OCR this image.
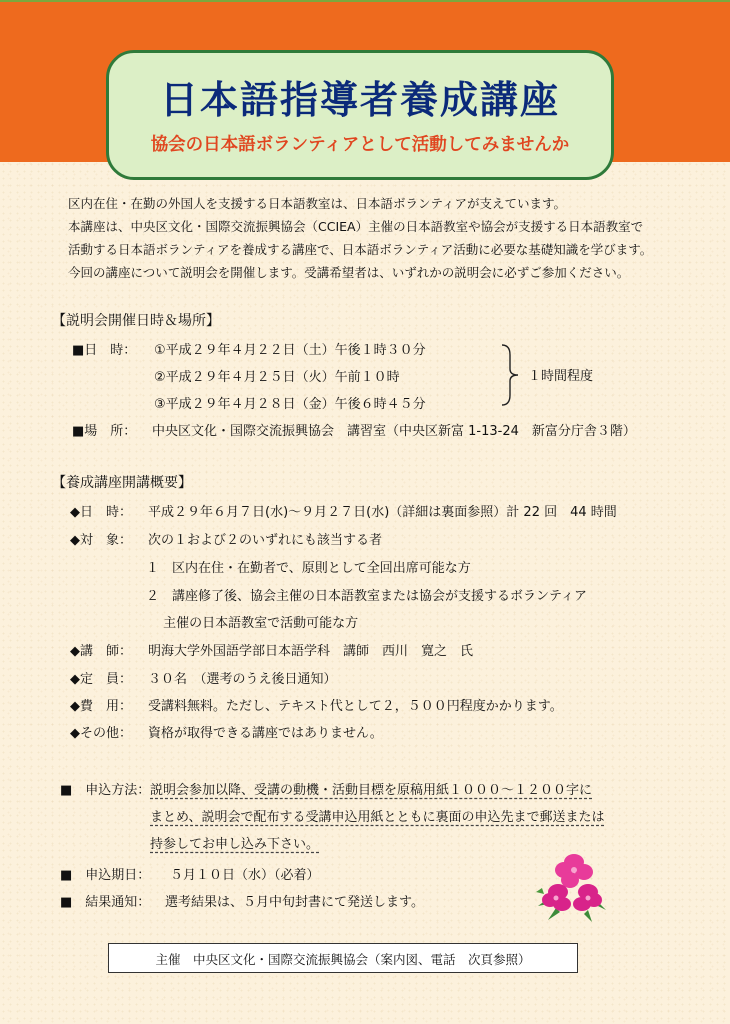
日本語指導者養成講座
協会の日本語ボランティアとして活動してみませんか
区内在住・在勤の外国人を支援する日本語教室は、日本語ボランティアが支えています。
本講座は、中央区文化・国際交流振興協会（CCIEA）主催の日本語教室や協会が支援する日本語教室で
活動する日本語ボランティアを養成する講座で、日本語ボランティア活動に必要な基礎知識を学びます。
今回の講座について説明会を開催します。受講希望者は、いずれかの説明会に必ずご参加ください。
【説明会開催日時＆場所】
■日　時： ①平成２９年４月２２日（土）午後１時３０分
②平成２９年４月２５日（火）午前１０時
③平成２９年４月２８日（金）午後６時４５分
１時間程度
■場　所： 中央区文化・国際交流振興協会　講習室（中央区新富 1-13-24　新富分庁舎３階）
【養成講座開講概要】
◆日　時： 平成２９年６月７日(水)～９月２７日(水)（詳細は裏面参照）計 22 回　44 時間
◆対　象： 次の１および２のいずれにも該当する者
１　区内在住・在勤者で、原則として全回出席可能な方
２　講座修了後、協会主催の日本語教室または協会が支援するボランティア
　 主催の日本語教室で活動可能な方
◆講　師： 明海大学外国語学部日本語学科　講師　西川　寛之　氏
◆定　員： ３０名　（選考のうえ後日通知）
◆費　用： 受講料無料。ただし、テキスト代として２，５００円程度かかります。
◆その他： 資格が取得できる講座ではありません。
■　申込方法： 説明会参加以降、受講の動機・活動目標を原稿用紙１０００～１２００字に
まとめ、説明会で配布する受講申込用紙とともに裏面の申込先まで郵送または
持参してお申し込み下さい。
■　申込期日： ５月１０日（水）（必着）
■　結果通知： 選考結果は、５月中旬封書にて発送します。
主催　中央区文化・国際交流振興協会（案内図、電話　次頁参照）
